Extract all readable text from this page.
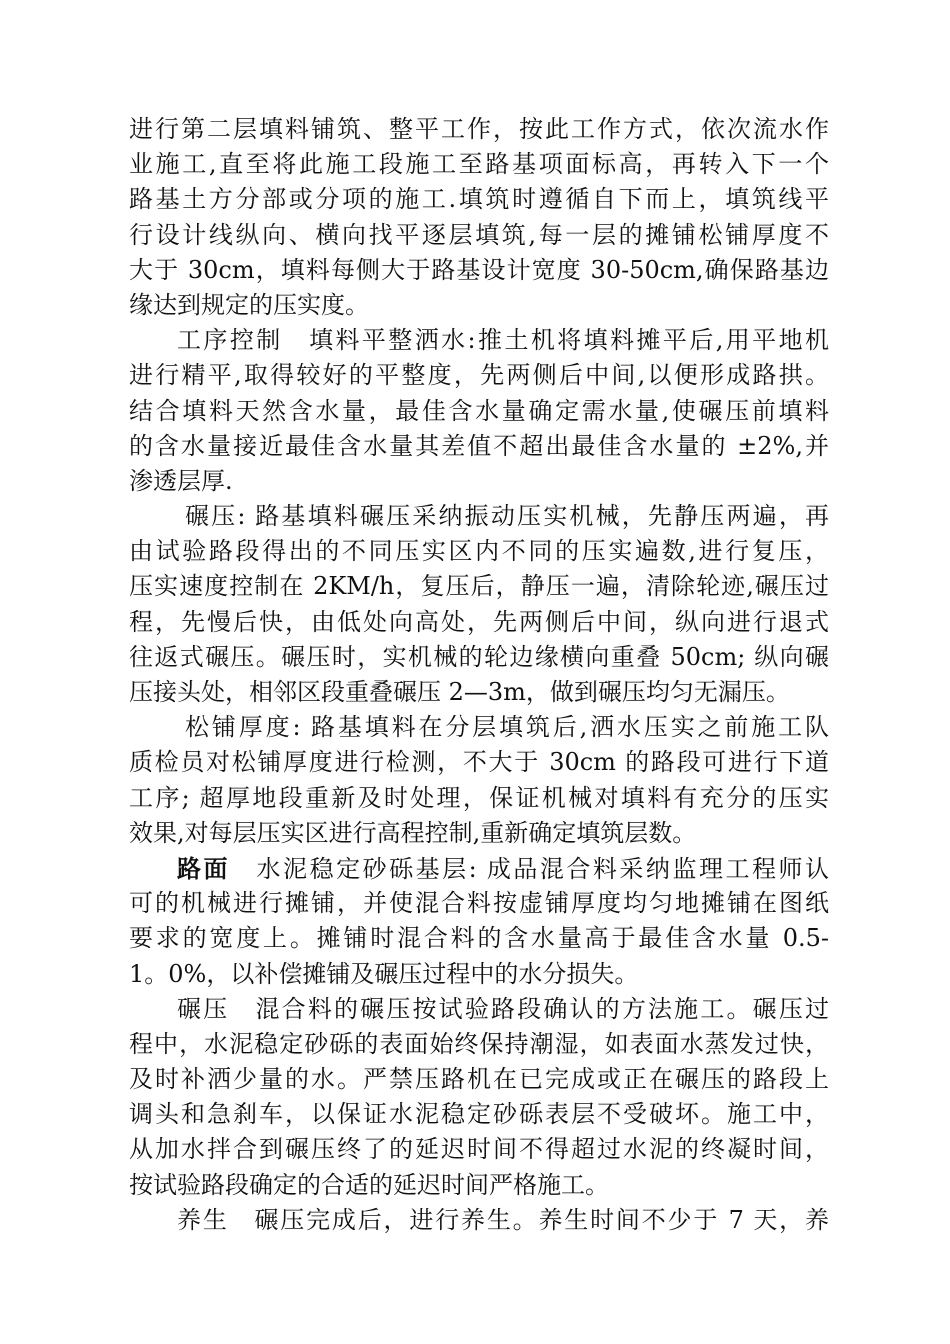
进行第二层填料铺筑、整平工作，按此工作方式，依次流水作
业施工,直至将此施工段施工至路基项面标高，再转入下一个
路基土方分部或分项的施工.填筑时遵循自下而上，填筑线平
行设计线纵向、横向找平逐层填筑,每一层的摊铺松铺厚度不
大于 30cm，填料每侧大于路基设计宽度 30-50cm,确保路基边
缘达到规定的压实度。
工序控制 填料平整洒水:推土机将填料摊平后,用平地机
进行精平,取得较好的平整度，先两侧后中间,以便形成路拱。
结合填料天然含水量，最佳含水量确定需水量,使碾压前填料
的含水量接近最佳含水量其差值不超出最佳含水量的 ±2%,并
渗透层厚.
碾压: 路基填料碾压采纳振动压实机械，先静压两遍，再
由试验路段得出的不同压实区内不同的压实遍数,进行复压，
压实速度控制在 2KM/h，复压后，静压一遍，清除轮迹,碾压过
程，先慢后快，由低处向高处，先两侧后中间，纵向进行退式
往返式碾压。碾压时，实机械的轮边缘横向重叠 50cm; 纵向碾
压接头处，相邻区段重叠碾压 2—3m，做到碾压均匀无漏压。
松铺厚度: 路基填料在分层填筑后,洒水压实之前施工队
质检员对松铺厚度进行检测，不大于 30cm 的路段可进行下道
工序; 超厚地段重新及时处理，保证机械对填料有充分的压实
效果,对每层压实区进行高程控制,重新确定填筑层数。
路面 水泥稳定砂砾基层: 成品混合料采纳监理工程师认
可的机械进行摊铺，并使混合料按虚铺厚度均匀地摊铺在图纸
要求的宽度上。摊铺时混合料的含水量高于最佳含水量 0.5-
1。0%，以补偿摊铺及碾压过程中的水分损失。
碾压 混合料的碾压按试验路段确认的方法施工。碾压过
程中，水泥稳定砂砾的表面始终保持潮湿，如表面水蒸发过快，
及时补洒少量的水。严禁压路机在已完成或正在碾压的路段上
调头和急刹车，以保证水泥稳定砂砾表层不受破坏。施工中，
从加水拌合到碾压终了的延迟时间不得超过水泥的终凝时间，
按试验路段确定的合适的延迟时间严格施工。
养生 碾压完成后，进行养生。养生时间不少于 7 天，养
